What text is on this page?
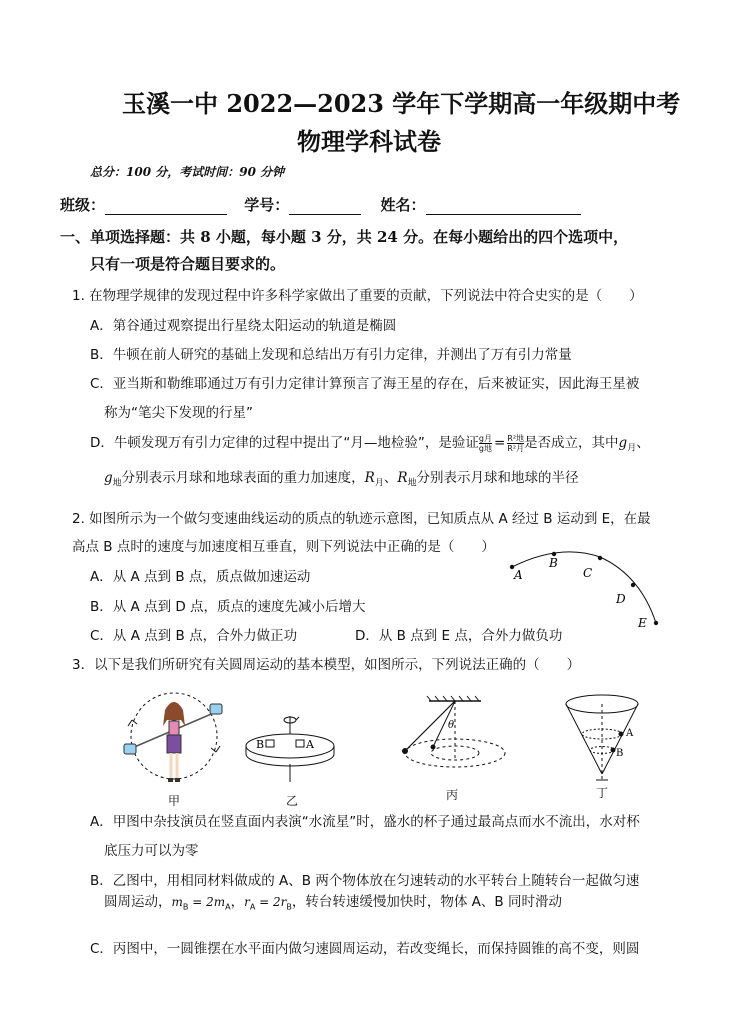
玉溪一中 2022—2023 学年下学期高一年级期中考
物理学科试卷
总分：100 分，考试时间：90 分钟
班级：	学号：	姓名：
一、单项选择题：共 8 小题，每小题 3 分，共 24 分。在每小题给出的四个选项中，
只有一项是符合题目要求的。
1. 在物理学规律的发现过程中许多科学家做出了重要的贡献，下列说法中符合史实的是（　　）
A．第谷通过观察提出行星绕太阳运动的轨道是椭圆
B．牛顿在前人研究的基础上发现和总结出万有引力定律，并测出了万有引力常量
C．亚当斯和勒维耶通过万有引力定律计算预言了海王星的存在，后来被证实，因此海王星被
称为“笔尖下发现的行星”
D．牛顿发现万有引力定律的过程中提出了“月—地检验”，是验证 $\frac{\text{g月}}{\text{g地}} = \frac{\text{R²地}}{\text{R²月}}$ 是否成立，其中$g_月$、
$g_地$分别表示月球和地球表面的重力加速度，$R_月$、$R_地$分别表示月球和地球的半径
2. 如图所示为一个做匀变速曲线运动的质点的轨迹示意图，已知质点从 A 经过 B 运动到 E，在最
高点 B 点时的速度与加速度相互垂直，则下列说法中正确的是（　　）
A．从 A 点到 B 点，质点做加速运动
B．从 A 点到 D 点，质点的速度先减小后增大
C．从 A 点到 B 点，合外力做正功	D．从 B 点到 E 点，合外力做负功
A
B
C
D
E
3．以下是我们所研究有关圆周运动的基本模型，如图所示，下列说法正确的（　　）
甲
B	A
乙
θ
丙
A
B
丁
A．甲图中杂技演员在竖直面内表演“水流星”时，盛水的杯子通过最高点而水不流出，水对杯
底压力可以为零
B．乙图中，用相同材料做成的 A、B 两个物体放在匀速转动的水平转台上随转台一起做匀速
圆周运动，$m_B = 2m_A$，$r_A = 2r_B$，转台转速缓慢加快时，物体 A、B 同时滑动
C．丙图中，一圆锥摆在水平面内做匀速圆周运动，若改变绳长，而保持圆锥的高不变，则圆
